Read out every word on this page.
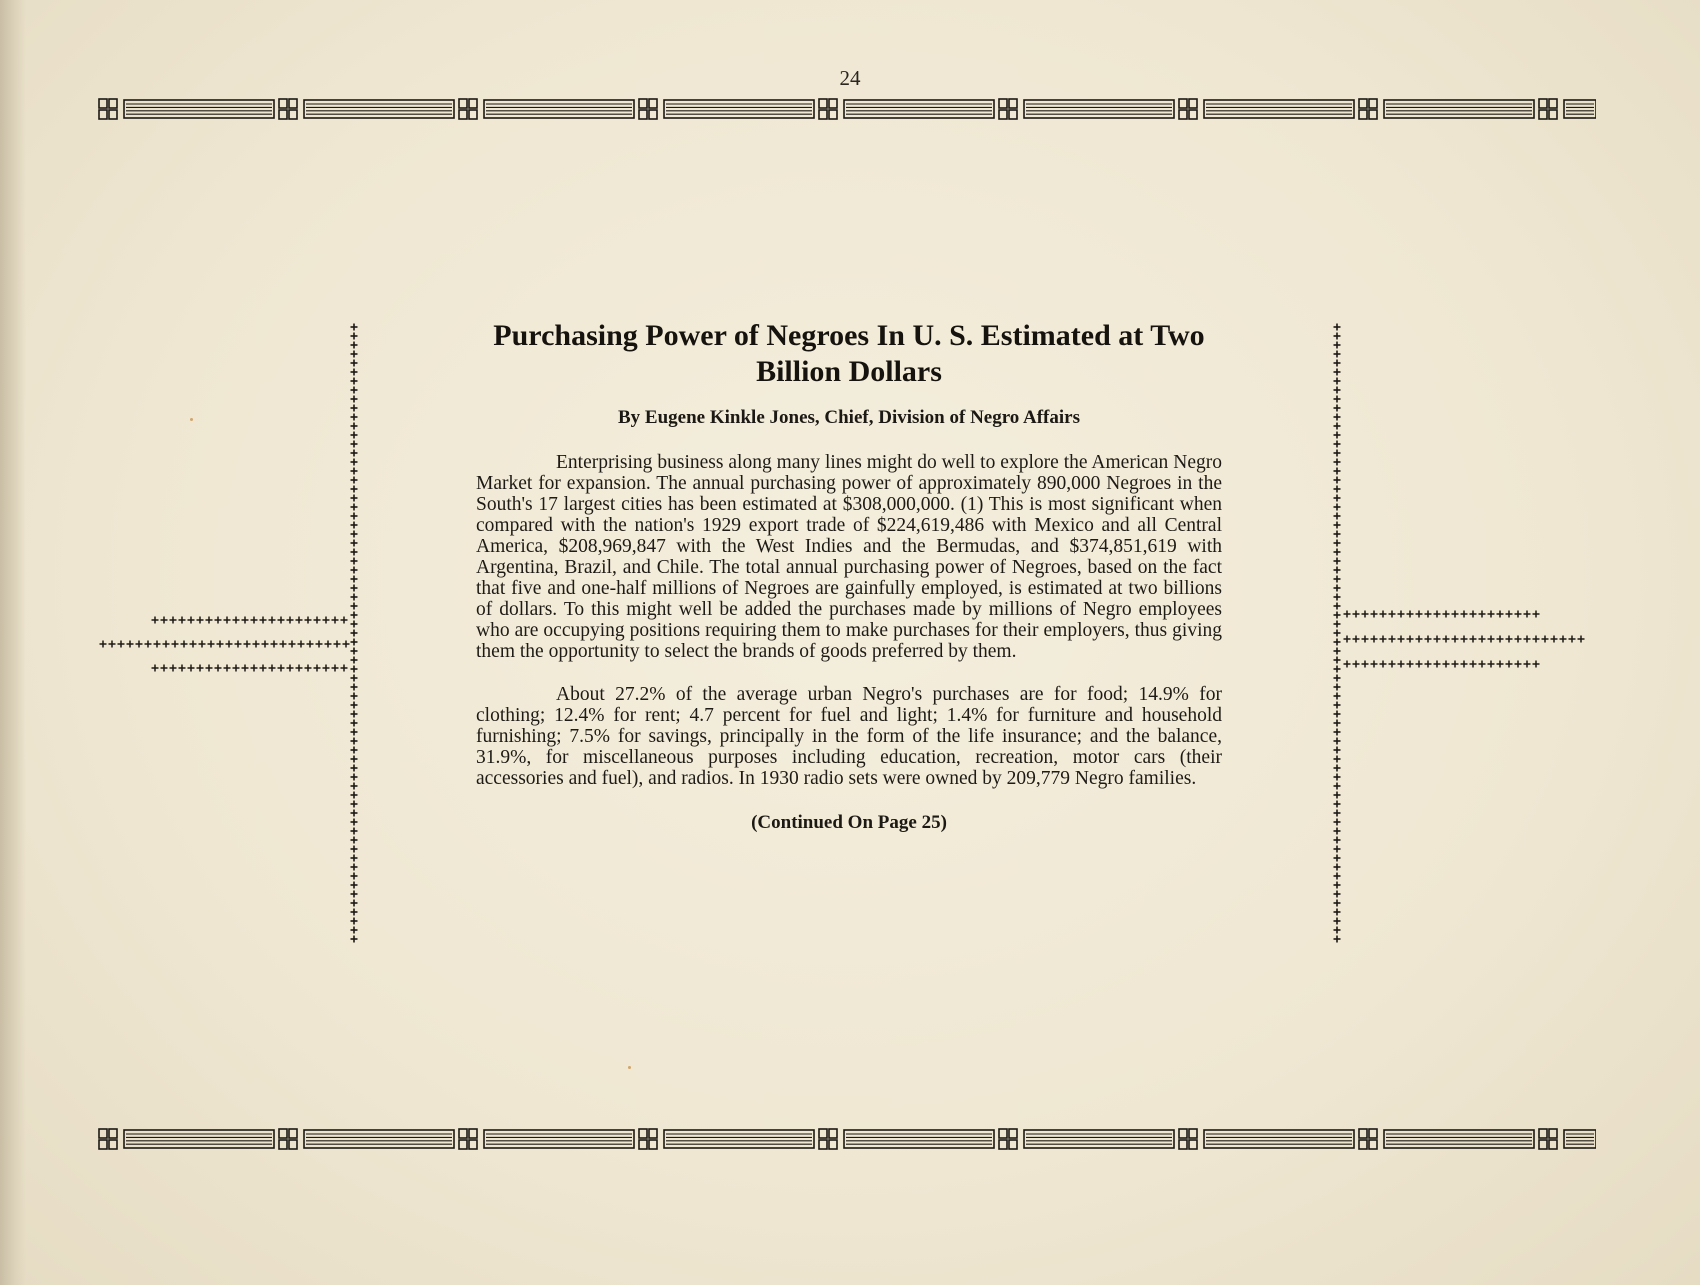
24
Purchasing Power of Negroes In U. S. Estimated at Two Billion Dollars

By Eugene Kinkle Jones, Chief, Division of Negro Affairs

Enterprising business along many lines might do well to explore the American Negro Market for expansion. The annual purchasing power of approximately 890,000 Negroes in the South's 17 largest cities has been estimated at $308,000,000. (1) This is most significant when compared with the nation's 1929 export trade of $224,619,486 with Mexico and all Central America, $208,969,847 with the West Indies and the Bermudas, and $374,851,619 with Argentina, Brazil, and Chile. The total annual purchasing power of Negroes, based on the fact that five and one-half millions of Negroes are gainfully employed, is estimated at two billions of dollars. To this might well be added the purchases made by millions of Negro employees who are occupying positions requiring them to make purchases for their employers, thus giving them the opportunity to select the brands of goods preferred by them.

About 27.2% of the average urban Negro's purchases are for food; 14.9% for clothing; 12.4% for rent; 4.7 percent for fuel and light; 1.4% for furniture and household furnishing; 7.5% for savings, principally in the form of the life insurance; and the balance, 31.9%, for miscellaneous purposes including education, recreation, motor cars (their accessories and fuel), and radios. In 1930 radio sets were owned by 209,779 Negro families.

(Continued On Page 25)
